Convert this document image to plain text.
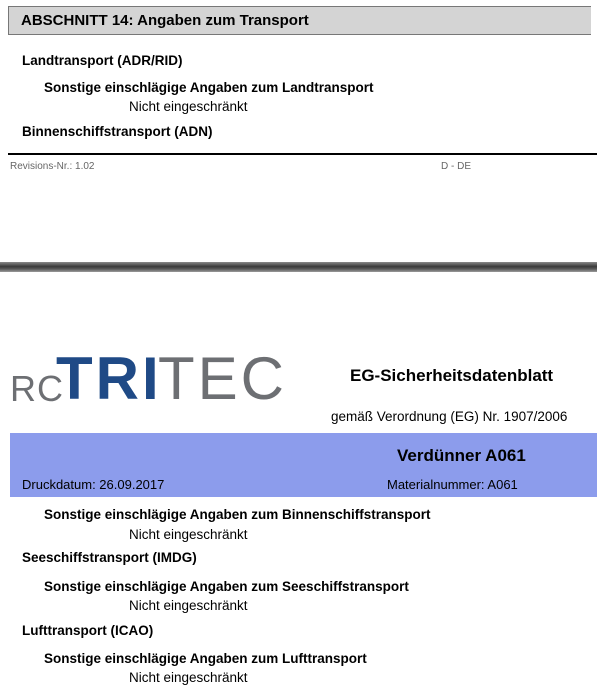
ABSCHNITT 14: Angaben zum Transport
Landtransport (ADR/RID)
Sonstige einschlägige Angaben zum Landtransport
Nicht eingeschränkt
Binnenschiffstransport (ADN)
Revisions-Nr.: 1.02	D - DE
RC
TRI
TEC	EG-Sicherheitsdatenblatt
gemäß Verordnung (EG) Nr. 1907/2006
Verdünner A061
Druckdatum: 26.09.2017	Materialnummer: A061
Sonstige einschlägige Angaben zum Binnenschiffstransport
Nicht eingeschränkt
Seeschiffstransport (IMDG)
Sonstige einschlägige Angaben zum Seeschiffstransport
Nicht eingeschränkt
Lufttransport (ICAO)
Sonstige einschlägige Angaben zum Lufttransport
Nicht eingeschränkt
